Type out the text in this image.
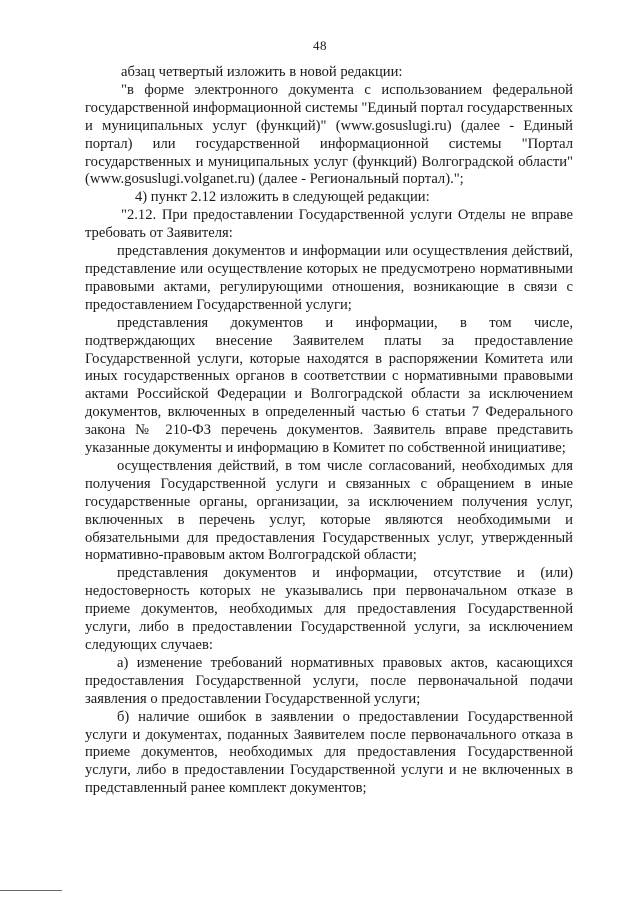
48

абзац четвертый изложить в новой редакции:

"в форме электронного документа с использованием федеральной государственной информационной системы "Единый портал государственных и муниципальных услуг (функций)" (www.gosuslugi.ru) (далее - Единый портал) или государственной информационной системы "Портал государственных и муниципальных услуг (функций) Волгоградской области" (www.gosuslugi.volganet.ru) (далее - Региональный портал).";

4) пункт 2.12 изложить в следующей редакции:

"2.12. При предоставлении Государственной услуги Отделы не вправе требовать от Заявителя:

представления документов и информации или осуществления действий, представление или осуществление которых не предусмотрено нормативными правовыми актами, регулирующими отношения, возникающие в связи с предоставлением Государственной услуги;

представления документов и информации, в том числе, подтверждающих внесение Заявителем платы за предоставление Государственной услуги, которые находятся в распоряжении Комитета или иных государственных органов в соответствии с нормативными правовыми актами Российской Федерации и Волгоградской области за исключением документов, включенных в определенный частью 6 статьи 7 Федерального закона № 210-ФЗ перечень документов. Заявитель вправе представить указанные документы и информацию в Комитет по собственной инициативе;

осуществления действий, в том числе согласований, необходимых для получения Государственной услуги и связанных с обращением в иные государственные органы, организации, за исключением получения услуг, включенных в перечень услуг, которые являются необходимыми и обязательными для предоставления Государственных услуг, утвержденный нормативно-правовым актом Волгоградской области;

представления документов и информации, отсутствие и (или) недостоверность которых не указывались при первоначальном отказе в приеме документов, необходимых для предоставления Государственной услуги, либо в предоставлении Государственной услуги, за исключением следующих случаев:

а) изменение требований нормативных правовых актов, касающихся предоставления Государственной услуги, после первоначальной подачи заявления о предоставлении Государственной услуги;

б) наличие ошибок в заявлении о предоставлении Государственной услуги и документах, поданных Заявителем после первоначального отказа в приеме документов, необходимых для предоставления Государственной услуги, либо в предоставлении Государственной услуги и не включенных в представленный ранее комплект документов;
